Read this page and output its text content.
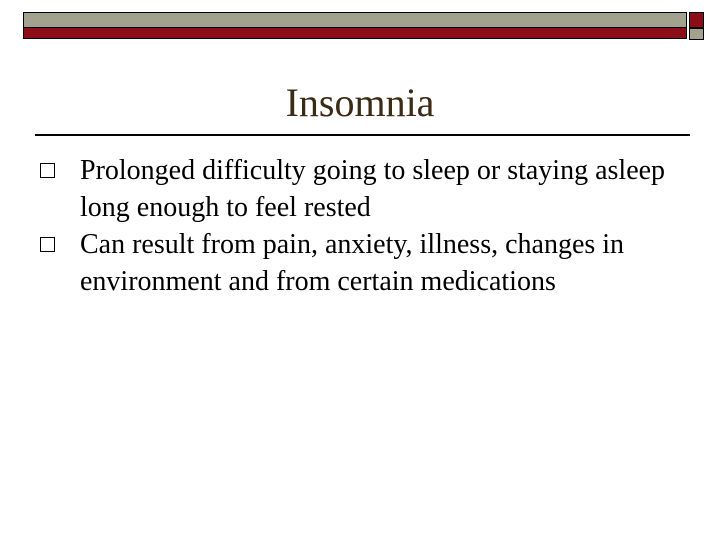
Insomnia
Prolonged difficulty going to sleep or staying asleep long enough to feel rested
Can result from pain, anxiety, illness, changes in environment and from certain medications
